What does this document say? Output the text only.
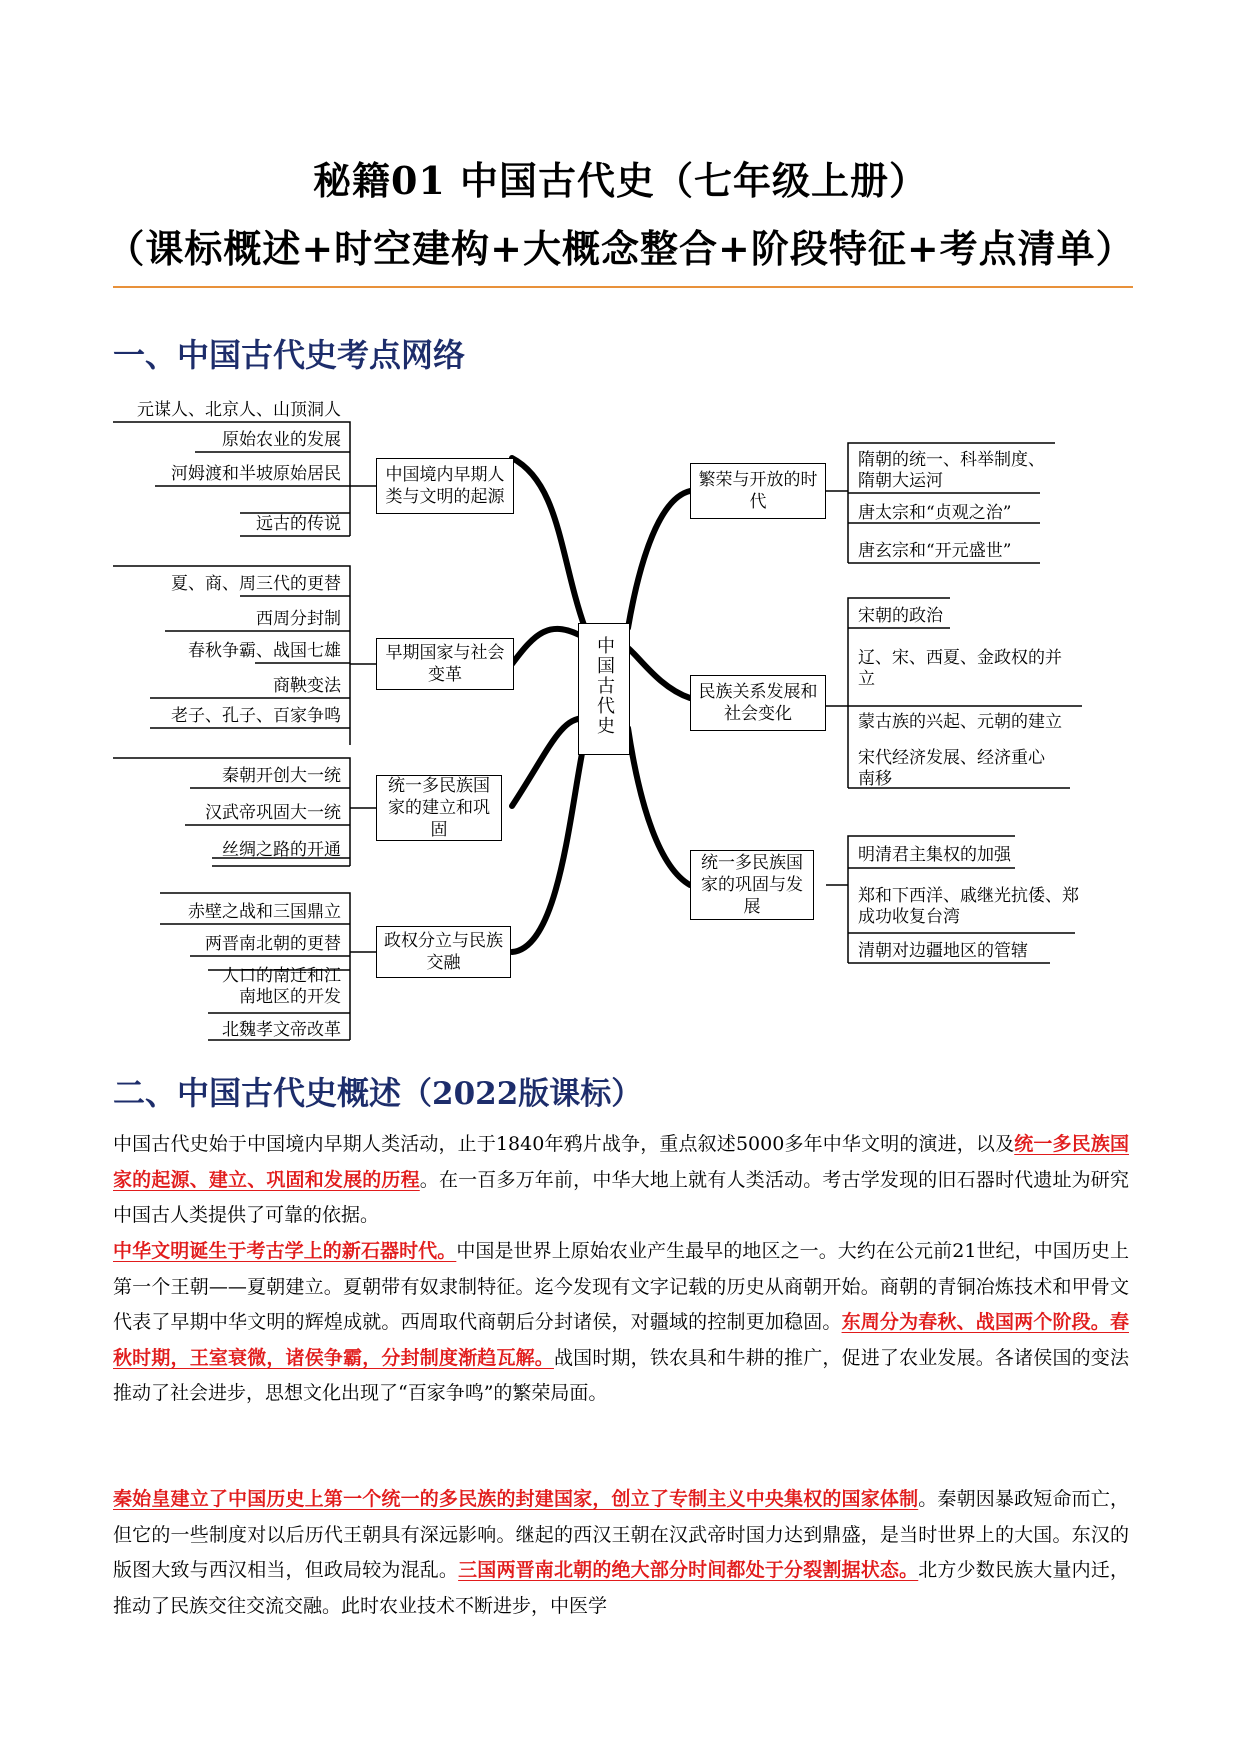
秘籍01 中国古代史（七年级上册）
（课标概述+时空建构+大概念整合+阶段特征+考点清单）
一、中国古代史考点网络
中国古代史
中国境内早期人类与文明的起源
早期国家与社会变革
统一多民族国家的建立和巩固
政权分立与民族交融
元谋人、北京人、山顶洞人
原始农业的发展
河姆渡和半坡原始居民
远古的传说
夏、商、周三代的更替
西周分封制
春秋争霸、战国七雄
商鞅变法
老子、孔子、百家争鸣
秦朝开创大一统
汉武帝巩固大一统
丝绸之路的开通
赤壁之战和三国鼎立
两晋南北朝的更替
人口的南迁和江南地区的开发
北魏孝文帝改革
繁荣与开放的时代
民族关系发展和社会变化
统一多民族国家的巩固与发展
隋朝的统一、科举制度、隋朝大运河
唐太宗和“贞观之治”
唐玄宗和“开元盛世”
宋朝的政治
辽、宋、西夏、金政权的并立
蒙古族的兴起、元朝的建立
宋代经济发展、经济重心南移
明清君主集权的加强
郑和下西洋、戚继光抗倭、郑成功收复台湾
清朝对边疆地区的管辖
二、中国古代史概述（2022版课标）
中国古代史始于中国境内早期人类活动，止于1840年鸦片战争，重点叙述5000多年中华文明的演进，以及统一多民族国家的起源、建立、巩固和发展的历程。在一百多万年前，中华大地上就有人类活动。考古学发现的旧石器时代遗址为研究中国古人类提供了可靠的依据。
中华文明诞生于考古学上的新石器时代。中国是世界上原始农业产生最早的地区之一。大约在公元前21世纪，中国历史上第一个王朝——夏朝建立。夏朝带有奴隶制特征。迄今发现有文字记载的历史从商朝开始。商朝的青铜冶炼技术和甲骨文代表了早期中华文明的辉煌成就。西周取代商朝后分封诸侯，对疆域的控制更加稳固。东周分为春秋、战国两个阶段。春秋时期，王室衰微，诸侯争霸，分封制度渐趋瓦解。战国时期，铁农具和牛耕的推广，促进了农业发展。各诸侯国的变法推动了社会进步，思想文化出现了“百家争鸣”的繁荣局面。
秦始皇建立了中国历史上第一个统一的多民族的封建国家，创立了专制主义中央集权的国家体制。秦朝因暴政短命而亡，但它的一些制度对以后历代王朝具有深远影响。继起的西汉王朝在汉武帝时国力达到鼎盛，是当时世界上的大国。东汉的版图大致与西汉相当，但政局较为混乱。三国两晋南北朝的绝大部分时间都处于分裂割据状态。北方少数民族大量内迁，推动了民族交往交流交融。此时农业技术不断进步，中医学
